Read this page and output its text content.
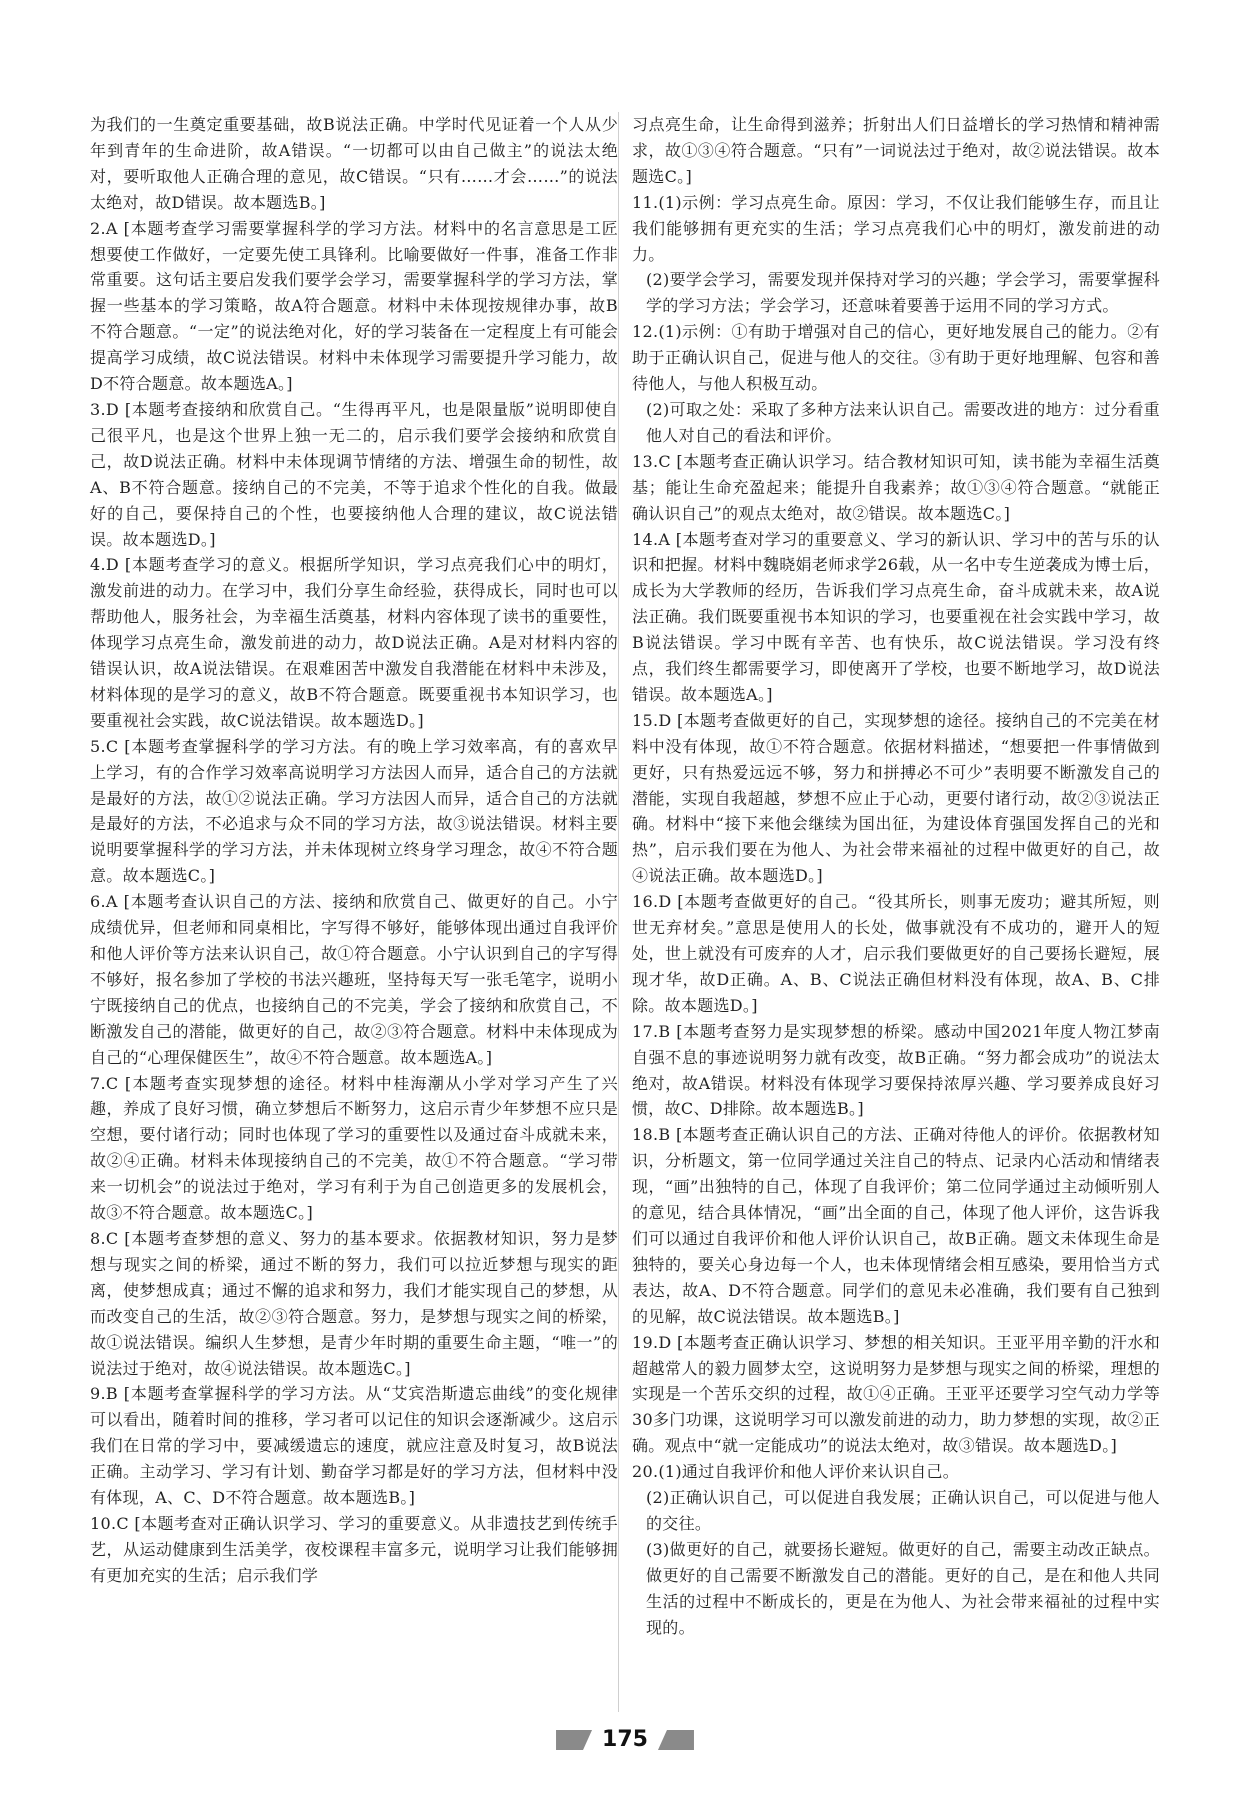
为我们的一生奠定重要基础，故B说法正确。中学时代见证着一个人从少年到青年的生命进阶，故A错误。“一切都可以由自己做主”的说法太绝对，要听取他人正确合理的意见，故C错误。“只有……才会……”的说法太绝对，故D错误。故本题选B。]

2.A [本题考查学习需要掌握科学的学习方法。材料中的名言意思是工匠想要使工作做好，一定要先使工具锋利。比喻要做好一件事，准备工作非常重要。这句话主要启发我们要学会学习，需要掌握科学的学习方法，掌握一些基本的学习策略，故A符合题意。材料中未体现按规律办事，故B不符合题意。“一定”的说法绝对化，好的学习装备在一定程度上有可能会提高学习成绩，故C说法错误。材料中未体现学习需要提升学习能力，故D不符合题意。故本题选A。]

3.D [本题考查接纳和欣赏自己。“生得再平凡，也是限量版”说明即使自己很平凡，也是这个世界上独一无二的，启示我们要学会接纳和欣赏自己，故D说法正确。材料中未体现调节情绪的方法、增强生命的韧性，故A、B不符合题意。接纳自己的不完美，不等于追求个性化的自我。做最好的自己，要保持自己的个性，也要接纳他人合理的建议，故C说法错误。故本题选D。]

4.D [本题考查学习的意义。根据所学知识，学习点亮我们心中的明灯，激发前进的动力。在学习中，我们分享生命经验，获得成长，同时也可以帮助他人，服务社会，为幸福生活奠基，材料内容体现了读书的重要性，体现学习点亮生命，激发前进的动力，故D说法正确。A是对材料内容的错误认识，故A说法错误。在艰难困苦中激发自我潜能在材料中未涉及，材料体现的是学习的意义，故B不符合题意。既要重视书本知识学习，也要重视社会实践，故C说法错误。故本题选D。]

5.C [本题考查掌握科学的学习方法。有的晚上学习效率高，有的喜欢早上学习，有的合作学习效率高说明学习方法因人而异，适合自己的方法就是最好的方法，故①②说法正确。学习方法因人而异，适合自己的方法就是最好的方法，不必追求与众不同的学习方法，故③说法错误。材料主要说明要掌握科学的学习方法，并未体现树立终身学习理念，故④不符合题意。故本题选C。]

6.A [本题考查认识自己的方法、接纳和欣赏自己、做更好的自己。小宁成绩优异，但老师和同桌相比，字写得不够好，能够体现出通过自我评价和他人评价等方法来认识自己，故①符合题意。小宁认识到自己的字写得不够好，报名参加了学校的书法兴趣班，坚持每天写一张毛笔字，说明小宁既接纳自己的优点，也接纳自己的不完美，学会了接纳和欣赏自己，不断激发自己的潜能，做更好的自己，故②③符合题意。材料中未体现成为自己的“心理保健医生”，故④不符合题意。故本题选A。]

7.C [本题考查实现梦想的途径。材料中桂海潮从小学对学习产生了兴趣，养成了良好习惯，确立梦想后不断努力，这启示青少年梦想不应只是空想，要付诸行动；同时也体现了学习的重要性以及通过奋斗成就未来，故②④正确。材料未体现接纳自己的不完美，故①不符合题意。“学习带来一切机会”的说法过于绝对，学习有利于为自己创造更多的发展机会，故③不符合题意。故本题选C。]

8.C [本题考查梦想的意义、努力的基本要求。依据教材知识，努力是梦想与现实之间的桥梁，通过不断的努力，我们可以拉近梦想与现实的距离，使梦想成真；通过不懈的追求和努力，我们才能实现自己的梦想，从而改变自己的生活，故②③符合题意。努力，是梦想与现实之间的桥梁，故①说法错误。编织人生梦想，是青少年时期的重要生命主题，“唯一”的说法过于绝对，故④说法错误。故本题选C。]

9.B [本题考查掌握科学的学习方法。从“艾宾浩斯遗忘曲线”的变化规律可以看出，随着时间的推移，学习者可以记住的知识会逐渐减少。这启示我们在日常的学习中，要减缓遗忘的速度，就应注意及时复习，故B说法正确。主动学习、学习有计划、勤奋学习都是好的学习方法，但材料中没有体现，A、C、D不符合题意。故本题选B。]

10.C [本题考查对正确认识学习、学习的重要意义。从非遗技艺到传统手艺，从运动健康到生活美学，夜校课程丰富多元，说明学习让我们能够拥有更加充实的生活；启示我们学

习点亮生命，让生命得到滋养；折射出人们日益增长的学习热情和精神需求，故①③④符合题意。“只有”一词说法过于绝对，故②说法错误。故本题选C。]

11.(1)示例：学习点亮生命。原因：学习，不仅让我们能够生存，而且让我们能够拥有更充实的生活；学习点亮我们心中的明灯，激发前进的动力。

(2)要学会学习，需要发现并保持对学习的兴趣；学会学习，需要掌握科学的学习方法；学会学习，还意味着要善于运用不同的学习方式。

12.(1)示例：①有助于增强对自己的信心，更好地发展自己的能力。②有助于正确认识自己，促进与他人的交往。③有助于更好地理解、包容和善待他人，与他人积极互动。

(2)可取之处：采取了多种方法来认识自己。需要改进的地方：过分看重他人对自己的看法和评价。

13.C [本题考查正确认识学习。结合教材知识可知，读书能为幸福生活奠基；能让生命充盈起来；能提升自我素养；故①③④符合题意。“就能正确认识自己”的观点太绝对，故②错误。故本题选C。]

14.A [本题考查对学习的重要意义、学习的新认识、学习中的苦与乐的认识和把握。材料中魏晓娟老师求学26载，从一名中专生逆袭成为博士后，成长为大学教师的经历，告诉我们学习点亮生命，奋斗成就未来，故A说法正确。我们既要重视书本知识的学习，也要重视在社会实践中学习，故B说法错误。学习中既有辛苦、也有快乐，故C说法错误。学习没有终点，我们终生都需要学习，即使离开了学校，也要不断地学习，故D说法错误。故本题选A。]

15.D [本题考查做更好的自己，实现梦想的途径。接纳自己的不完美在材料中没有体现，故①不符合题意。依据材料描述，“想要把一件事情做到更好，只有热爱远远不够，努力和拼搏必不可少”表明要不断激发自己的潜能，实现自我超越，梦想不应止于心动，更要付诸行动，故②③说法正确。材料中“接下来他会继续为国出征，为建设体育强国发挥自己的光和热”，启示我们要在为他人、为社会带来福祉的过程中做更好的自己，故④说法正确。故本题选D。]

16.D [本题考查做更好的自己。“役其所长，则事无废功；避其所短，则世无弃材矣。”意思是使用人的长处，做事就没有不成功的，避开人的短处，世上就没有可废弃的人才，启示我们要做更好的自己要扬长避短，展现才华，故D正确。A、B、C说法正确但材料没有体现，故A、B、C排除。故本题选D。]

17.B [本题考查努力是实现梦想的桥梁。感动中国2021年度人物江梦南自强不息的事迹说明努力就有改变，故B正确。“努力都会成功”的说法太绝对，故A错误。材料没有体现学习要保持浓厚兴趣、学习要养成良好习惯，故C、D排除。故本题选B。]

18.B [本题考查正确认识自己的方法、正确对待他人的评价。依据教材知识，分析题文，第一位同学通过关注自己的特点、记录内心活动和情绪表现，“画”出独特的自己，体现了自我评价；第二位同学通过主动倾听别人的意见，结合具体情况，“画”出全面的自己，体现了他人评价，这告诉我们可以通过自我评价和他人评价认识自己，故B正确。题文未体现生命是独特的，要关心身边每一个人，也未体现情绪会相互感染，要用恰当方式表达，故A、D不符合题意。同学们的意见未必准确，我们要有自己独到的见解，故C说法错误。故本题选B。]

19.D [本题考查正确认识学习、梦想的相关知识。王亚平用辛勤的汗水和超越常人的毅力圆梦太空，这说明努力是梦想与现实之间的桥梁，理想的实现是一个苦乐交织的过程，故①④正确。王亚平还要学习空气动力学等30多门功课，这说明学习可以激发前进的动力，助力梦想的实现，故②正确。观点中“就一定能成功”的说法太绝对，故③错误。故本题选D。]

20.(1)通过自我评价和他人评价来认识自己。

(2)正确认识自己，可以促进自我发展；正确认识自己，可以促进与他人的交往。

(3)做更好的自己，就要扬长避短。做更好的自己，需要主动改正缺点。做更好的自己需要不断激发自己的潜能。更好的自己，是在和他人共同生活的过程中不断成长的，更是在为他人、为社会带来福祉的过程中实现的。

175
